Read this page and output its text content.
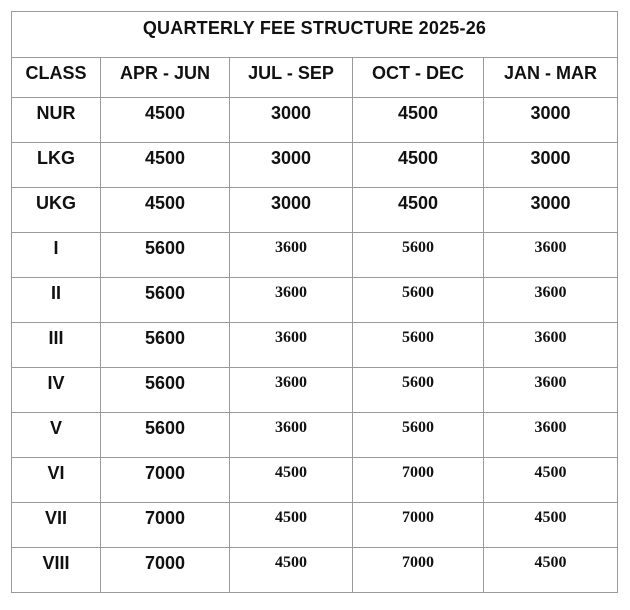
QUARTERLY FEE STRUCTURE 2025-26				
CLASS	APR - JUN	JUL - SEP	OCT - DEC	JAN - MAR
NUR	4500	3000	4500	3000
LKG	4500	3000	4500	3000
UKG	4500	3000	4500	3000
I	5600	3600	5600	3600
II	5600	3600	5600	3600
III	5600	3600	5600	3600
IV	5600	3600	5600	3600
V	5600	3600	5600	3600
VI	7000	4500	7000	4500
VII	7000	4500	7000	4500
VIII	7000	4500	7000	4500
